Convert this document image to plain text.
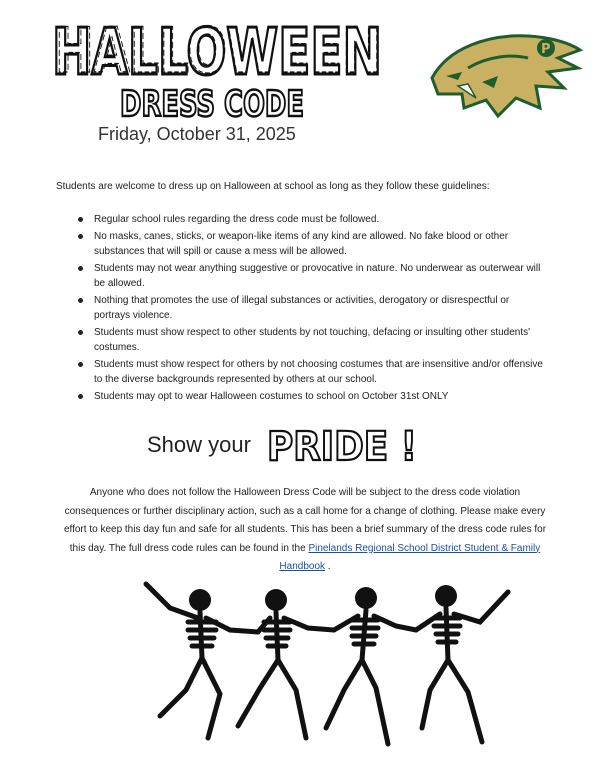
HALLOWEEN
HALLOWEEN
DRESS CODE
P
Friday, October 31, 2025
Students are welcome to dress up on Halloween at school as long as they follow these guidelines:
Regular school rules regarding the dress code must be followed.
No masks, canes, sticks, or weapon-like items of any kind are allowed. No fake blood or other substances that will spill or cause a mess will be allowed.
Students may not wear anything suggestive or provocative in nature. No underwear as outerwear will be allowed.
Nothing that promotes the use of illegal substances or activities, derogatory or disrespectful or portrays violence.
Students must show respect to other students by not touching, defacing or insulting other students' costumes.
Students must show respect for others by not choosing costumes that are insensitive and/or offensive to the diverse backgrounds represented by others at our school.
Students may opt to wear Halloween costumes to school on October 31st ONLY
Show your PRIDE !
Anyone who does not follow the Halloween Dress Code will be subject to the dress code violation consequences or further disciplinary action, such as a call home for a change of clothing. Please make every effort to keep this day fun and safe for all students. This has been a brief summary of the dress code rules for this day. The full dress code rules can be found in the Pinelands Regional School District Student & Family Handbook .
